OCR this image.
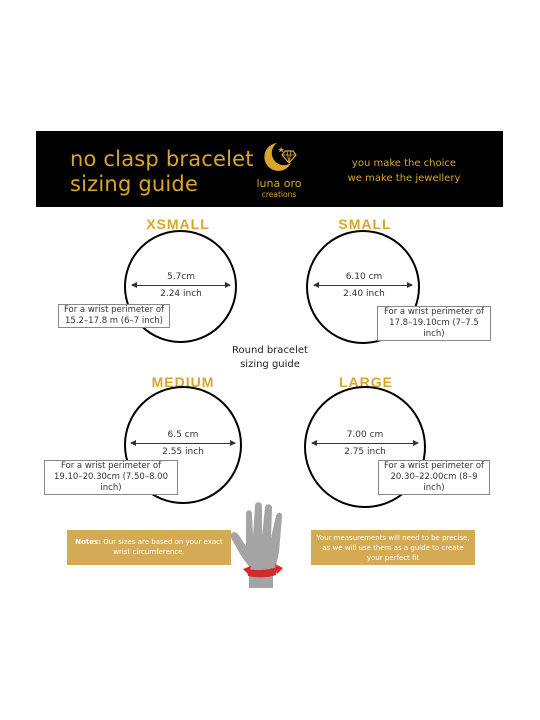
no clasp bracelet
sizing guide	luna oro
creations
you make the choice
we make the jewellery
XSMALL
5.7cm
2.24 inch
For a wrist perimeter of
15.2–17.8 m (6–7 inch)
SMALL
6.10 cm
2.40 inch
For a wrist perimeter of
17.8–19.10cm (7–7.5 inch)
Round bracelet
sizing guide
MEDIUM
6.5 cm
2.55 inch
For a wrist perimeter of
19.10–20.30cm (7.50–8.00 inch)
LARGE
7.00 cm
2.75 inch
For a wrist perimeter of
20.30–22.00cm (8–9 inch)
Notes: Our sizes are based on your exact
wrist circumference.
Your measurements will need to be precise,
as we will use them as a guide to create
your perfect fit
